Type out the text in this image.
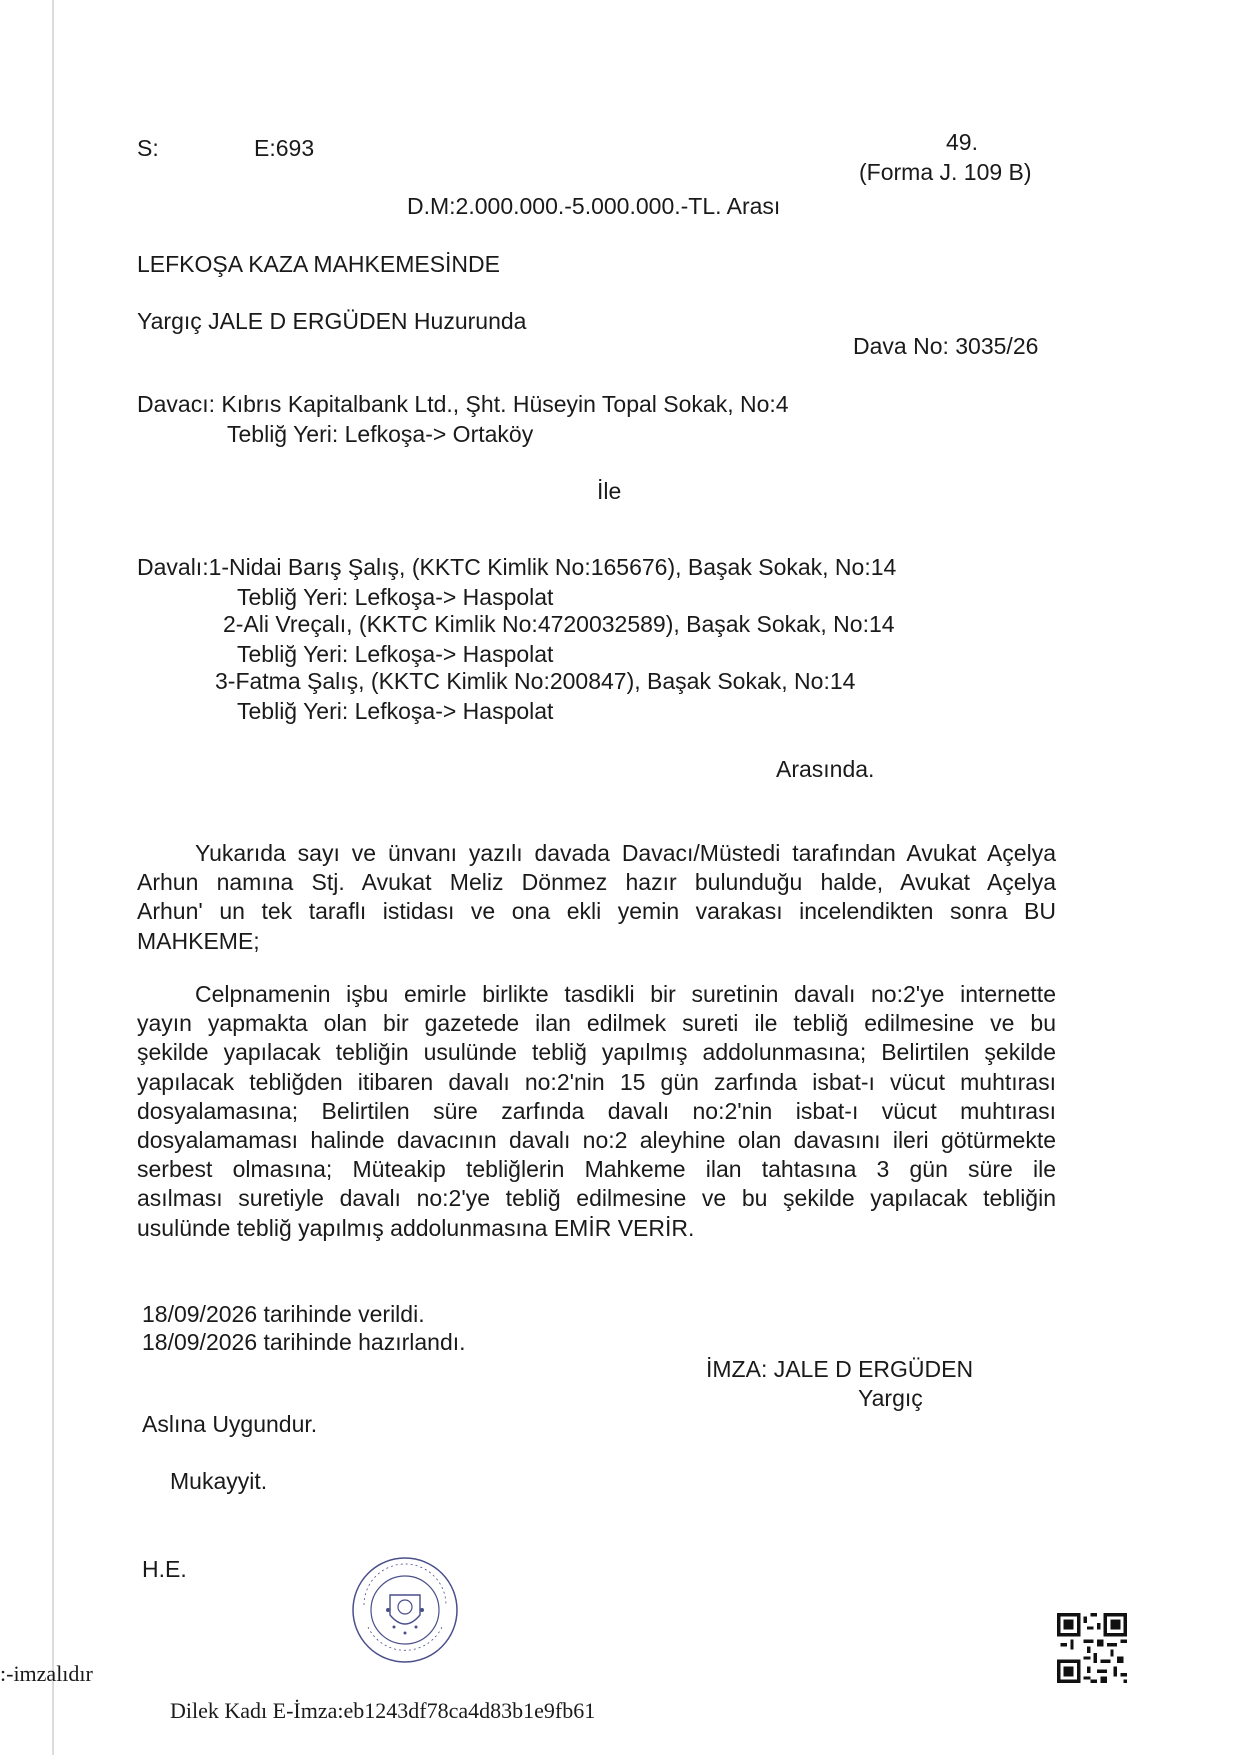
S:	E:693	49.
(Forma J. 109 B)
D.M:2.000.000.-5.000.000.-TL. Arası
LEFKOŞA KAZA MAHKEMESİNDE
Yargıç JALE D ERGÜDEN Huzurunda
Dava No: 3035/26
Davacı: Kıbrıs Kapitalbank Ltd., Şht. Hüseyin Topal Sokak, No:4
Tebliğ Yeri: Lefkoşa-> Ortaköy
İle
Davalı:1-Nidai Barış Şalış, (KKTC Kimlik No:165676), Başak Sokak, No:14
Tebliğ Yeri: Lefkoşa-> Haspolat
2-Ali Vreçalı, (KKTC Kimlik No:4720032589), Başak Sokak, No:14
Tebliğ Yeri: Lefkoşa-> Haspolat
3-Fatma Şalış, (KKTC Kimlik No:200847), Başak Sokak, No:14
Tebliğ Yeri: Lefkoşa-> Haspolat
Arasında.
Yukarıda sayı ve ünvanı yazılı davada Davacı/Müstedi tarafından Avukat Açelya
Arhun namına Stj. Avukat Meliz Dönmez hazır bulunduğu halde, Avukat Açelya
Arhun' un tek taraflı istidası ve ona ekli yemin varakası incelendikten sonra BU
MAHKEME;
Celpnamenin işbu emirle birlikte tasdikli bir suretinin davalı no:2'ye internette
yayın yapmakta olan bir gazetede ilan edilmek sureti ile tebliğ edilmesine ve bu
şekilde yapılacak tebliğin usulünde tebliğ yapılmış addolunmasına; Belirtilen şekilde
yapılacak tebliğden itibaren davalı no:2'nin 15 gün zarfında isbat-ı vücut muhtırası
dosyalamasına; Belirtilen süre zarfında davalı no:2'nin isbat-ı vücut muhtırası
dosyalamaması halinde davacının davalı no:2 aleyhine olan davasını ileri götürmekte
serbest olmasına; Müteakip tebliğlerin Mahkeme ilan tahtasına 3 gün süre ile
asılması suretiyle davalı no:2'ye tebliğ edilmesine ve bu şekilde yapılacak tebliğin
usulünde tebliğ yapılmış addolunmasına EMİR VERİR.
18/09/2026 tarihinde verildi.
18/09/2026 tarihinde hazırlandı.
İMZA: JALE D ERGÜDEN
Yargıç
Aslına Uygundur.
Mukayyit.
H.E.
:-imzalıdır
Dilek Kadı E-İmza:eb1243df78ca4d83b1e9fb61
